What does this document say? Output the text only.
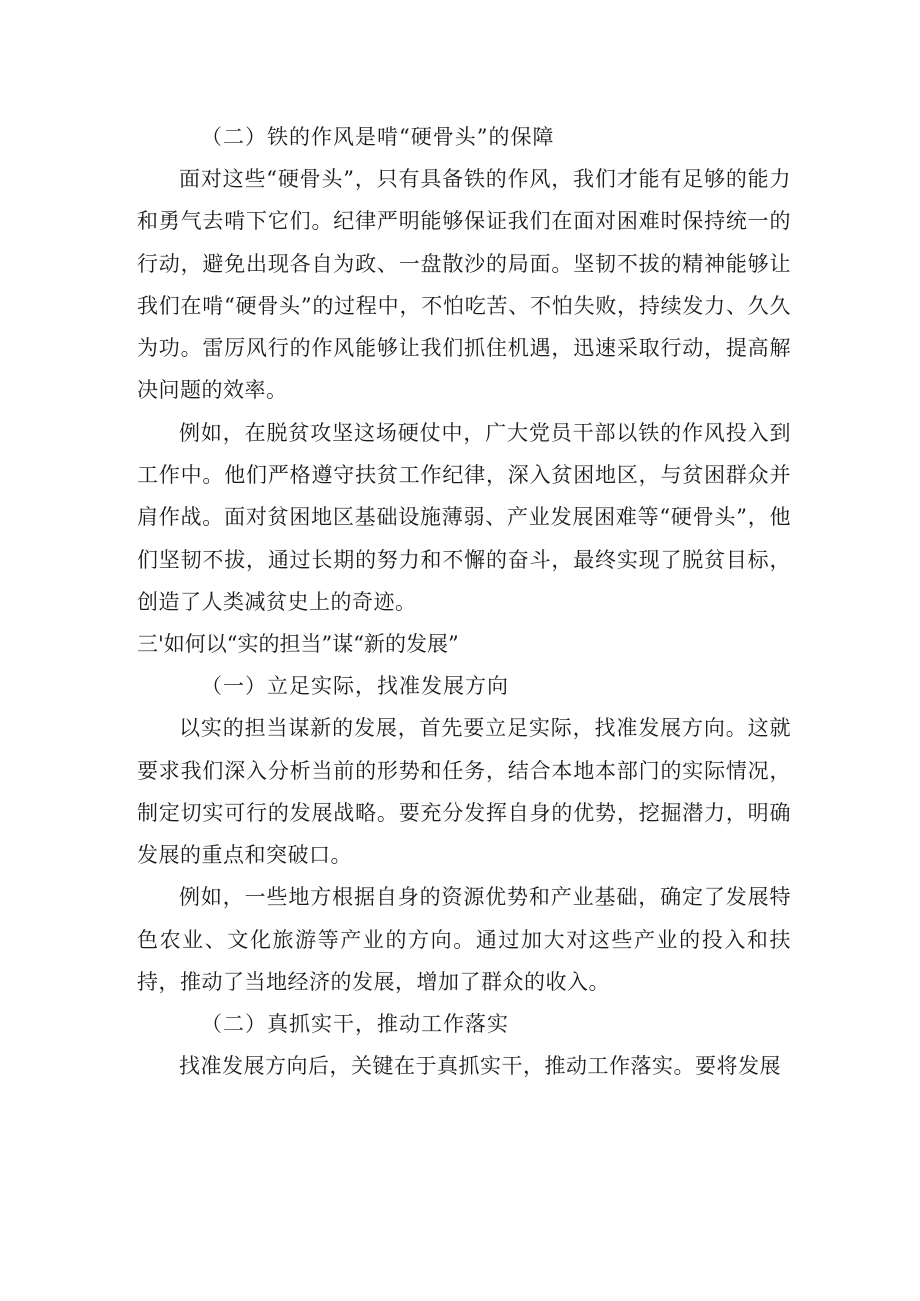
（二）铁的作风是啃“硬骨头”的保障

面对这些“硬骨头”，只有具备铁的作风，我们才能有足够的能力和勇气去啃下它们。纪律严明能够保证我们在面对困难时保持统一的行动，避免出现各自为政、一盘散沙的局面。坚韧不拔的精神能够让我们在啃“硬骨头”的过程中，不怕吃苦、不怕失败，持续发力、久久为功。雷厉风行的作风能够让我们抓住机遇，迅速采取行动，提高解决问题的效率。

例如，在脱贫攻坚这场硬仗中，广大党员干部以铁的作风投入到工作中。他们严格遵守扶贫工作纪律，深入贫困地区，与贫困群众并肩作战。面对贫困地区基础设施薄弱、产业发展困难等“硬骨头”，他们坚韧不拔，通过长期的努力和不懈的奋斗，最终实现了脱贫目标，创造了人类减贫史上的奇迹。

三'如何以“实的担当”谋“新的发展”

（一）立足实际，找准发展方向

以实的担当谋新的发展，首先要立足实际，找准发展方向。这就要求我们深入分析当前的形势和任务，结合本地本部门的实际情况，制定切实可行的发展战略。要充分发挥自身的优势，挖掘潜力，明确发展的重点和突破口。

例如，一些地方根据自身的资源优势和产业基础，确定了发展特色农业、文化旅游等产业的方向。通过加大对这些产业的投入和扶持，推动了当地经济的发展，增加了群众的收入。

（二）真抓实干，推动工作落实

找准发展方向后，关键在于真抓实干，推动工作落实。要将发展
